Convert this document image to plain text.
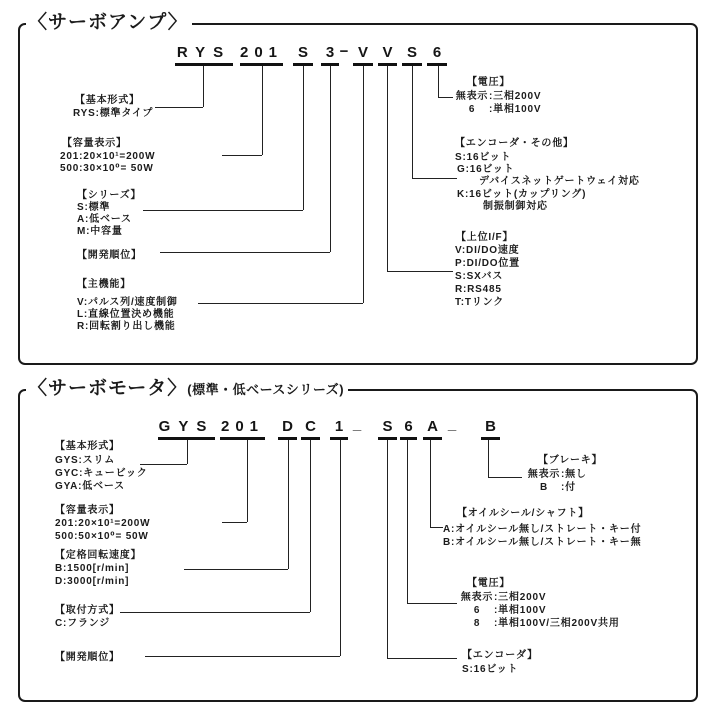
〈サーボアンプ〉
RYS 201 S	3 − V V S	6
【基本形式】
RYS:標準タイプ
【容量表示】
201:20×10¹=200W
500:30×10⁰= 50W
【シリーズ】
S:標準
A:低ベース
M:中容量
【開発順位】
【主機能】
V:パルス列/速度制御
L:直線位置決め機能
R:回転割り出し機能
【電圧】
無表示:三相200V
6 :単相100V
【エンコーダ・その他】
S:16ビット
G:16ビット
デバイスネットゲートウェイ対応
K:16ビット(カップリング)
制振制御対応
【上位I/F】
V:DI/DO速度
P:DI/DO位置
S:SXバス
R:RS485
T:Tリンク
〈サーボモータ〉(標準・低ベースシリーズ)
GYS 201 D C	1 _ S 6 A _ B
【基本形式】
GYS:スリム
GYC:キュービック
GYA:低ベース
【容量表示】
201:20×10¹=200W
500:50×10⁰= 50W
【定格回転速度】
B:1500[r/min]
D:3000[r/min]
【取付方式】
C:フランジ
【開発順位】
【ブレーキ】
無表示:無し
B :付
【オイルシール/シャフト】
A:オイルシール無し/ストレート・キー付
B:オイルシール無し/ストレート・キー無
【電圧】
無表示:三相200V
6 :単相100V
8 :単相100V/三相200V共用
【エンコーダ】
S:16ビット
